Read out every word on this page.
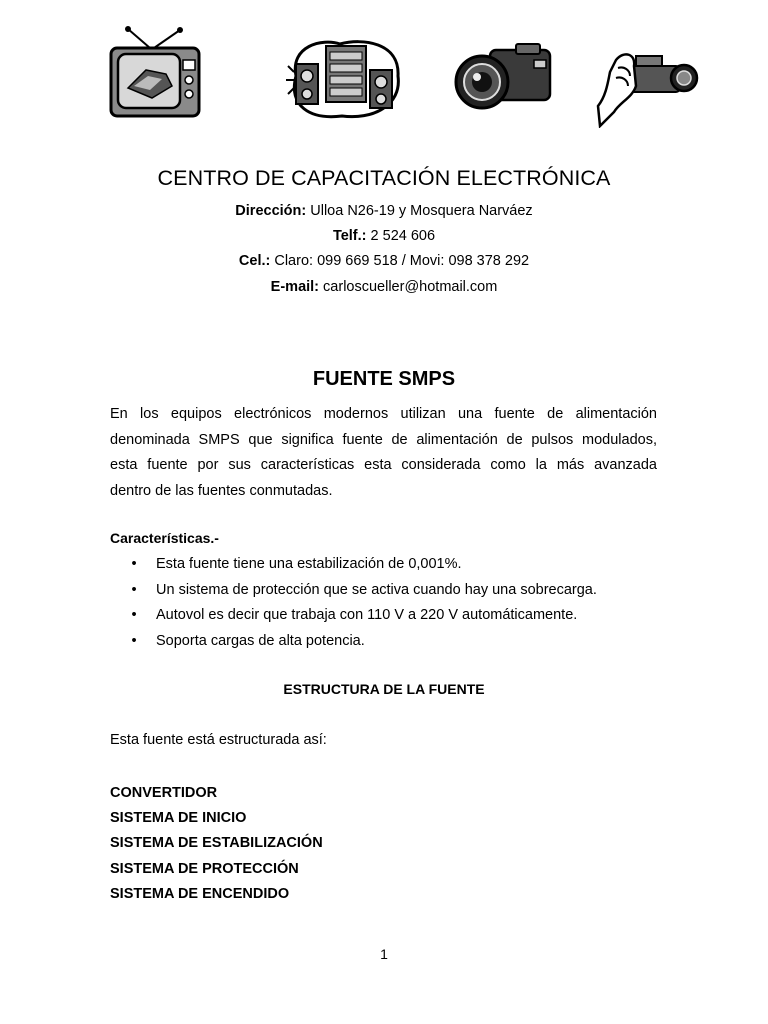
CENTRO DE CAPACITACIÓN ELECTRÓNICA
Dirección: Ulloa N26-19 y Mosquera Narváez
Telf.: 2 524 606
Cel.: Claro: 099 669 518 / Movi: 098 378 292
E-mail: carloscueller@hotmail.com
FUENTE SMPS
En los equipos electrónicos modernos utilizan una fuente de alimentación
denominada SMPS que significa fuente de alimentación de pulsos modulados,
esta fuente por sus características esta considerada como la más avanzada
dentro de las fuentes conmutadas.
Características.-
•	Esta fuente tiene una estabilización de 0,001%.
•	Un sistema de protección que se activa cuando hay una sobrecarga.
•	Autovol es decir que trabaja con 110 V a 220 V automáticamente.
•	Soporta cargas de alta potencia.
ESTRUCTURA DE LA FUENTE
Esta fuente está estructurada así:
CONVERTIDOR
SISTEMA DE INICIO
SISTEMA DE ESTABILIZACIÓN
SISTEMA DE PROTECCIÓN
SISTEMA DE ENCENDIDO
1
